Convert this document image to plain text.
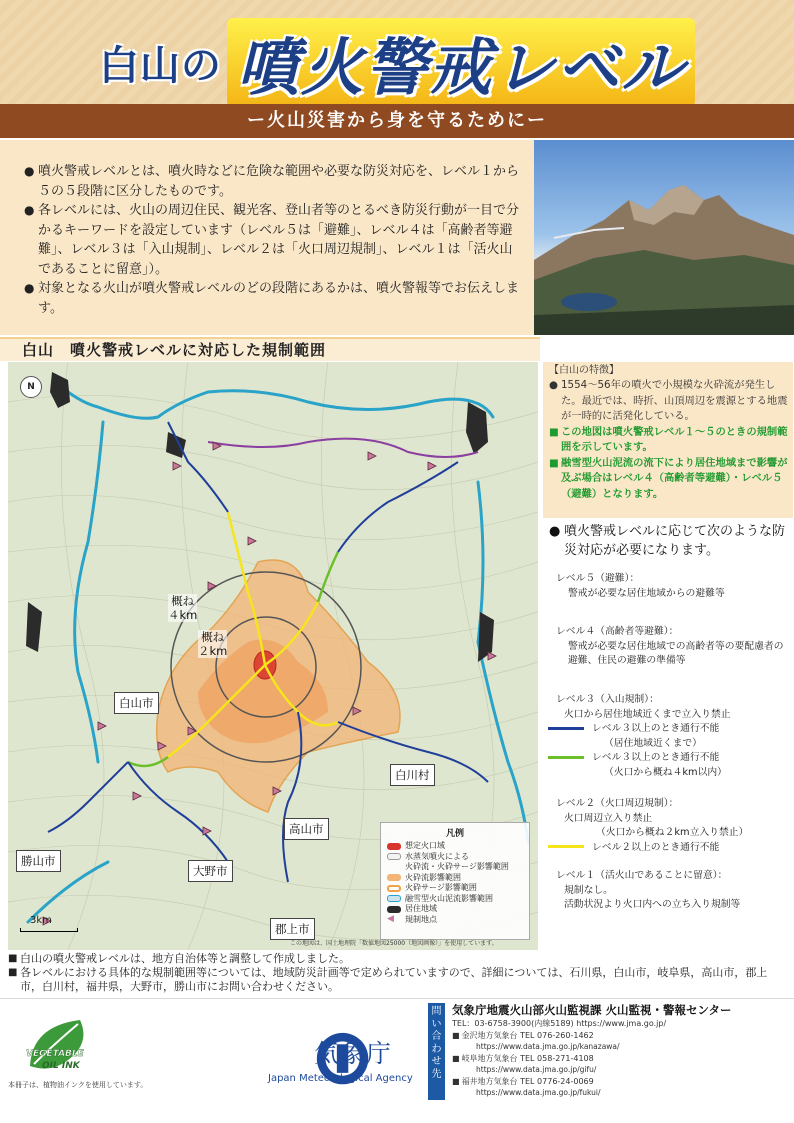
白山の 噴火警戒レベル
ー火山災害から身を守るためにー
● 噴火警戒レベルとは、噴火時などに危険な範囲や必要な防災対応を、レベル１から５の５段階に区分したものです。
● 各レベルには、火山の周辺住民、観光客、登山者等のとるべき防災行動が一目で分かるキーワードを設定しています（レベル５は「避難」、レベル４は「高齢者等避難」、レベル３は「入山規制」、レベル２は「火口周辺規制」、レベル１は「活火山であることに留意」）。
● 対象となる火山が噴火警戒レベルのどの段階にあるかは、噴火警報等でお伝えします。
白山　噴火警戒レベルに対応した規制範囲
N
概ね
４km
概ね
２km
白山市
白川村
高山市
勝山市
大野市
郡上市
凡例
想定火口域
水蒸気噴火による
火砕流・火砕サージ影響範囲
火砕流影響範囲
火砕サージ影響範囲
融雪型火山泥流影響範囲
居住地域
◀	規制地点
3km
この地図は、国土地理院「数値地図25000（地図画像）」を使用しています。
【白山の特徴】
● 1554～56年の噴火で小規模な火砕流が発生した。最近では、時折、山頂周辺を震源とする地震が一時的に活発化している。
■ この地図は噴火警戒レベル１～５のときの規制範囲を示しています。
■ 融雪型火山泥流の流下により居住地域まで影響が及ぶ場合はレベル４（高齢者等避難）・レベル５（避難）となります。
● 噴火警戒レベルに応じて次のような防災対応が必要になります。
レベル５（避難）：
警戒が必要な居住地域からの避難等
レベル４（高齢者等避難）：
警戒が必要な居住地域での高齢者等の要配慮者の避難、住民の避難の準備等
レベル３（入山規制）：
火口から居住地域近くまで立入り禁止
レベル３以上のとき通行不能
（居住地域近くまで）
レベル３以上のとき通行不能
（火口から概ね４km以内）
レベル２（火口周辺規制）：
火口周辺立入り禁止
（火口から概ね２km立入り禁止）
レベル２以上のとき通行不能
レベル１（活火山であることに留意）：
規制なし。
活動状況より火口内への立ち入り規制等

■ 白山の噴火警戒レベルは、地方自治体等と調整して作成しました。

■ 各レベルにおける具体的な規制範囲等については、地域防災計画等で定められていますので、詳細については、石川県，白山市，岐阜県，高山市，郡上市，白川村，福井県，大野市，勝山市にお問い合わせください。

VEGETABLE
OIL INK
本冊子は、植物油インクを使用しています。
気象庁
Japan Meteorological Agency
問い合わせ先
気象庁地震火山部火山監視課 火山監視・警報センター
TEL：03-6758-3900(内線5189) https://www.jma.go.jp/
■ 金沢地方気象台 TEL 076-260-1462
https://www.data.jma.go.jp/kanazawa/
■ 岐阜地方気象台 TEL 058-271-4108
https://www.data.jma.go.jp/gifu/
■ 福井地方気象台 TEL 0776-24-0069
https://www.data.jma.go.jp/fukui/
